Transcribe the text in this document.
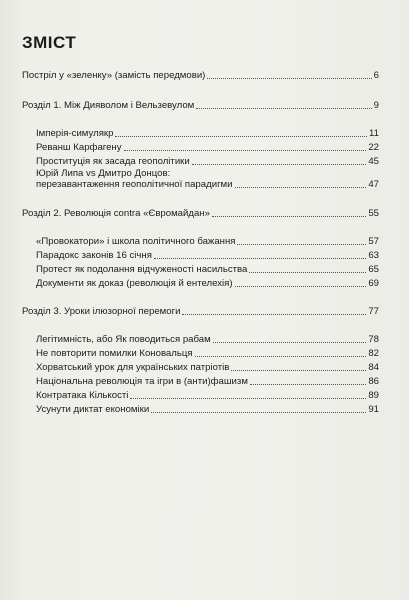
ЗМІСТ
Постріл у «зеленку» (замість передмови)	6
Розділ 1. Між Дияволом і Вельзевулом	9
Імперія-симулякр	11
Реванш Карфагену	22
Проституція як засада геополітики	45
Юрій Липа vs Дмитро Донцов:
перезавантаження геополітичної парадигми	47
Розділ 2. Революція contra «Євромайдан»	55
«Провокатори» і школа політичного бажання	57
Парадокс законів 16 січня	63
Протест як подолання відчуженості насильства	65
Документи як доказ (революція й ентелехія)	69
Розділ 3. Уроки ілюзорної перемоги	77
Легітимність, або Як поводиться рабам	78
Не повторити помилки Коновальця	82
Хорватський урок для українських патріотів	84
Національна революція та ігри в (анти)фашизм	86
Контратака Кількості	89
Усунути диктат економіки	91
